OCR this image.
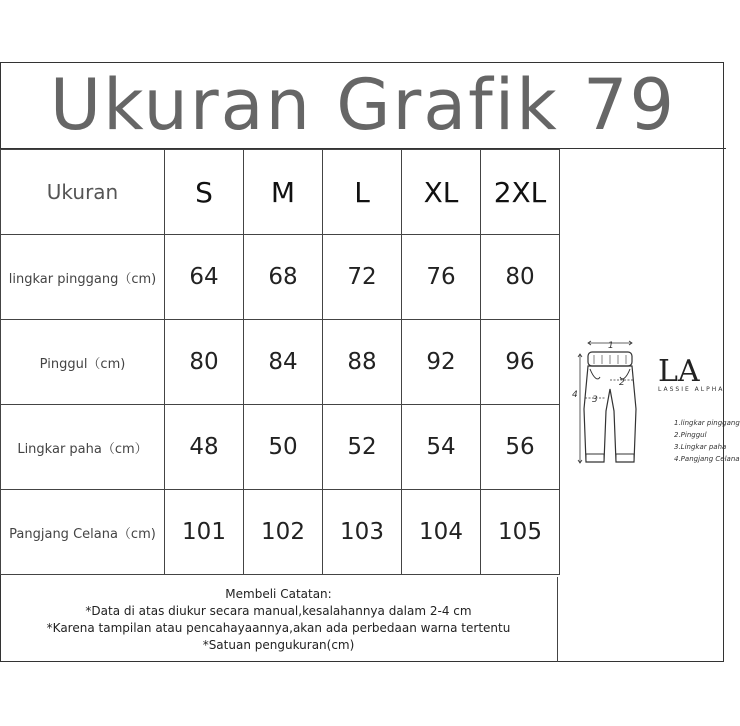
Ukuran Grafik 79
Ukuran	S	M	L	XL	2XL
lingkar pinggang（cm)	64	68	72	76	80
Pinggul（cm)	80	84	88	92	96
Lingkar paha（cm）	48	50	52	54	56
Pangjang Celana（cm)	101	102	103	104	105
Membeli Catatan:
*Data di atas diukur secara manual,kesalahannya dalam 2-4 cm
*Karena tampilan atau pencahayaannya,akan ada perbedaan warna tertentu
*Satuan pengukuran(cm)
1
2
3
4
LA
LASSIE ALPHA
1.lingkar pinggang
2.Pinggul
3.Lingkar paha
4.Pangjang Celana
